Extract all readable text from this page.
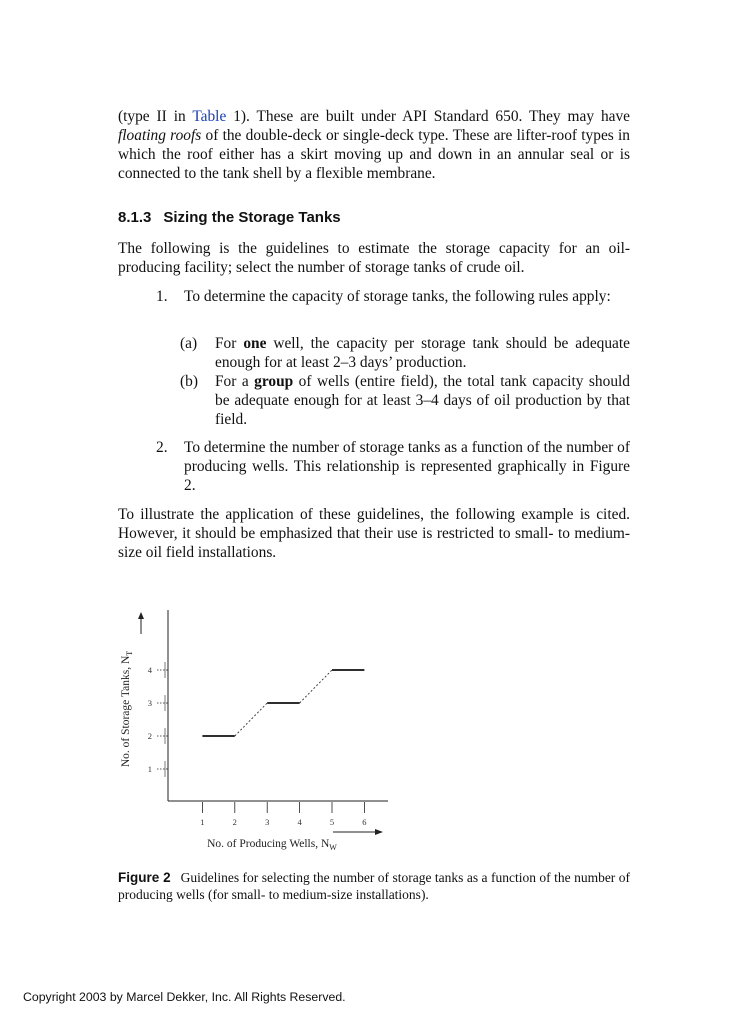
(type II in Table 1). These are built under API Standard 650. They may have floating roofs of the double-deck or single-deck type. These are lifter-roof types in which the roof either has a skirt moving up and down in an annular seal or is connected to the tank shell by a flexible membrane.

8.1.3 Sizing the Storage Tanks

The following is the guidelines to estimate the storage capacity for an oil-producing facility; select the number of storage tanks of crude oil.

1. To determine the capacity of storage tanks, the following rules apply:
(a) For one well, the capacity per storage tank should be adequate enough for at least 2–3 days’ production.
(b) For a group of wells (entire field), the total tank capacity should be adequate enough for at least 3–4 days of oil production by that field.
2. To determine the number of storage tanks as a function of the number of producing wells. This relationship is represented graphically in Figure 2.

To illustrate the application of these guidelines, the following example is cited. However, it should be emphasized that their use is restricted to small- to medium-size oil field installations.

1	2	3	4	5	6
1
2
3
4
No. of Producing Wells, $N_W$
No. of Storage Tanks, $N_T$
Figure 2 Guidelines for selecting the number of storage tanks as a function of the number of producing wells (for small- to medium-size installations).
Copyright 2003 by Marcel Dekker, Inc. All Rights Reserved.
